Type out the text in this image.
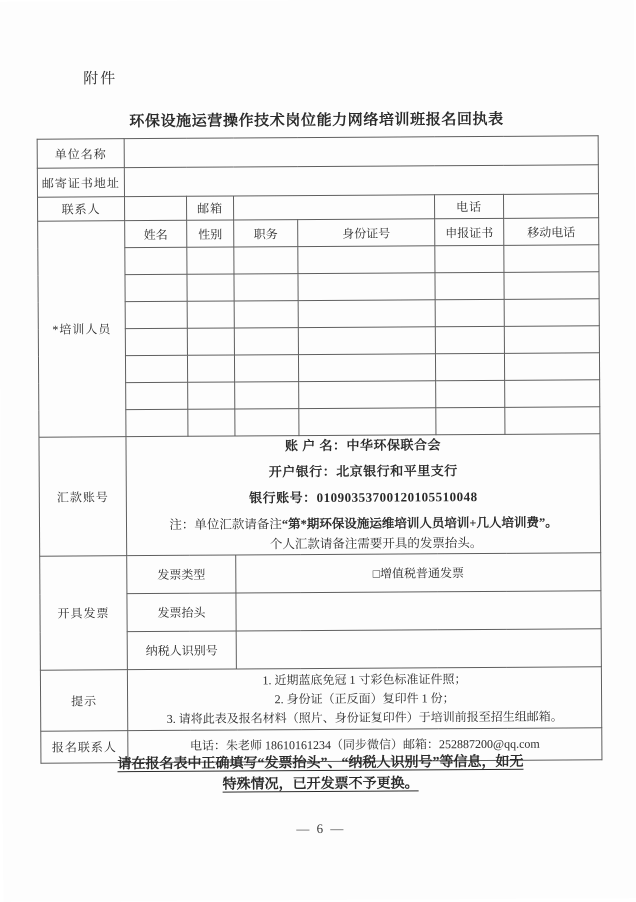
附件
环保设施运营操作技术岗位能力网络培训班报名回执表
单位名称						
邮寄证书地址						
联系人		邮箱			电话	
*培训人员	姓名	性别	职务	身份证号	申报证书	移动电话

汇款账号	账 户 名：中华环保联合会
开户银行：北京银行和平里支行
银行账号：01090353700120105510048
注：单位汇款请备注“第*期环保设施运维培训人员培训+几人培训费”。
个人汇款请备注需要开具的发票抬头。					

开具发票	发票类型		□增值税普通发票			
	发票抬头					
	纳税人识别号					
提示	1. 近期蓝底免冠 1 寸彩色标准证件照；
2. 身份证（正反面）复印件 1 份；
3. 请将此表及报名材料（照片、身份证复印件）于培训前报至招生组邮箱。					

报名联系人	电话：朱老师 18610161234（同步微信）邮箱：252887200@qq.com					
请在报名表中正确填写“发票抬头”、“纳税人识别号”等信息，如无
特殊情况，已开发票不予更换。
— 6 —
